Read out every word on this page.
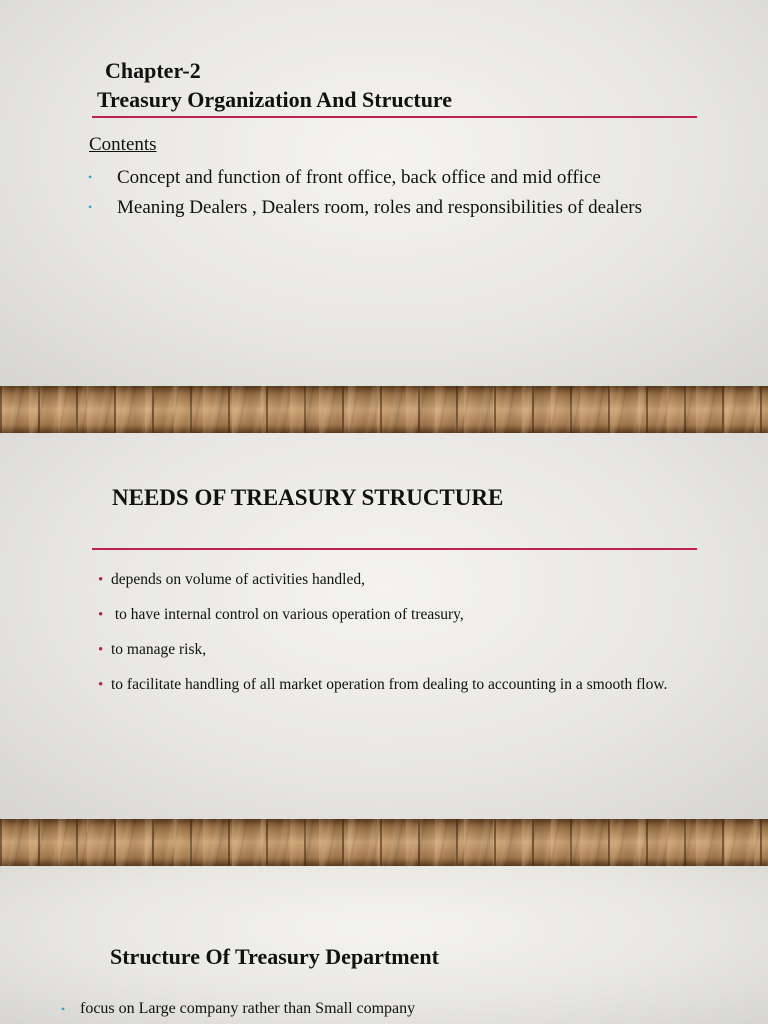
Chapter-2
Treasury Organization And Structure
Contents
• Concept and function of front office, back office and mid office
• Meaning Dealers , Dealers room, roles and responsibilities of dealers
NEEDS OF TREASURY STRUCTURE
• depends on volume of activities handled,
• to have internal control on various operation of treasury,
• to manage risk,
• to facilitate handling of all market operation from dealing to accounting in a smooth flow.
Structure Of Treasury Department
• focus on Large company rather than Small company
